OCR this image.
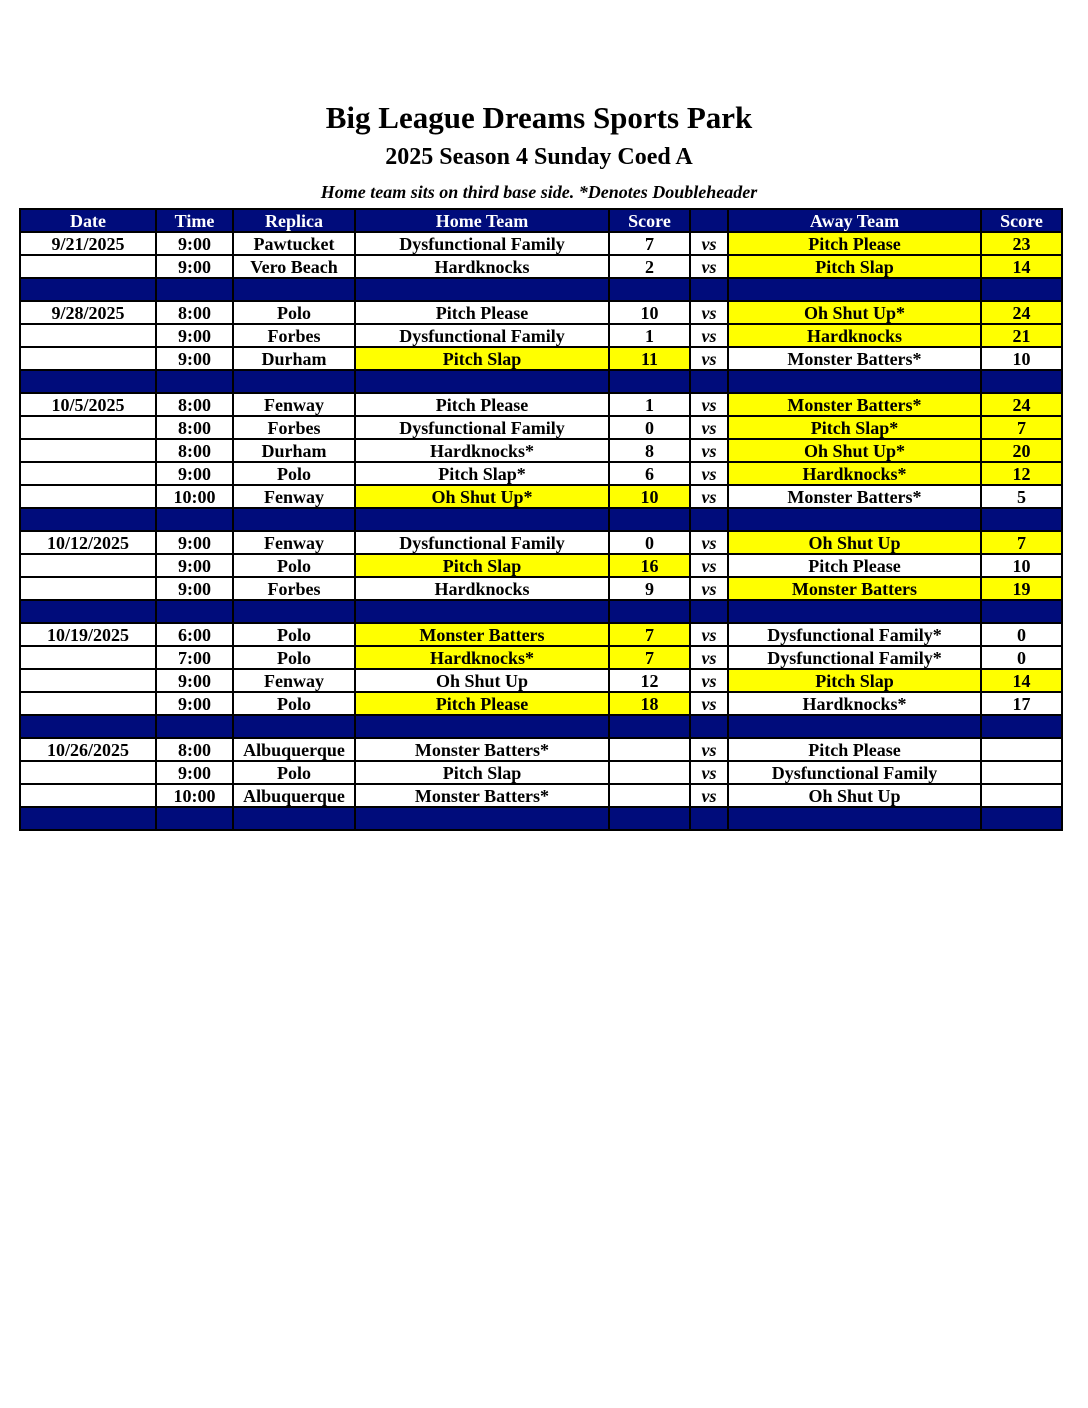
Big League Dreams Sports Park
2025 Season 4 Sunday Coed A
Home team sits on third base side. *Denotes Doubleheader
Date	Time	Replica	Home Team	Score		Away Team	Score
9/21/2025	9:00	Pawtucket	Dysfunctional Family	7	vs	Pitch Please	23
	9:00	Vero Beach	Hardknocks	2	vs	Pitch Slap	14

9/28/2025	8:00	Polo	Pitch Please	10	vs	Oh Shut Up*	24
	9:00	Forbes	Dysfunctional Family	1	vs	Hardknocks	21
	9:00	Durham	Pitch Slap	11	vs	Monster Batters*	10

10/5/2025	8:00	Fenway	Pitch Please	1	vs	Monster Batters*	24
	8:00	Forbes	Dysfunctional Family	0	vs	Pitch Slap*	7
	8:00	Durham	Hardknocks*	8	vs	Oh Shut Up*	20
	9:00	Polo	Pitch Slap*	6	vs	Hardknocks*	12
	10:00	Fenway	Oh Shut Up*	10	vs	Monster Batters*	5

10/12/2025	9:00	Fenway	Dysfunctional Family	0	vs	Oh Shut Up	7
	9:00	Polo	Pitch Slap	16	vs	Pitch Please	10
	9:00	Forbes	Hardknocks	9	vs	Monster Batters	19

10/19/2025	6:00	Polo	Monster Batters	7	vs	Dysfunctional Family*	0
	7:00	Polo	Hardknocks*	7	vs	Dysfunctional Family*	0
	9:00	Fenway	Oh Shut Up	12	vs	Pitch Slap	14
	9:00	Polo	Pitch Please	18	vs	Hardknocks*	17

10/26/2025	8:00	Albuquerque	Monster Batters*		vs	Pitch Please	
	9:00	Polo	Pitch Slap		vs	Dysfunctional Family	
	10:00	Albuquerque	Monster Batters*		vs	Oh Shut Up	
